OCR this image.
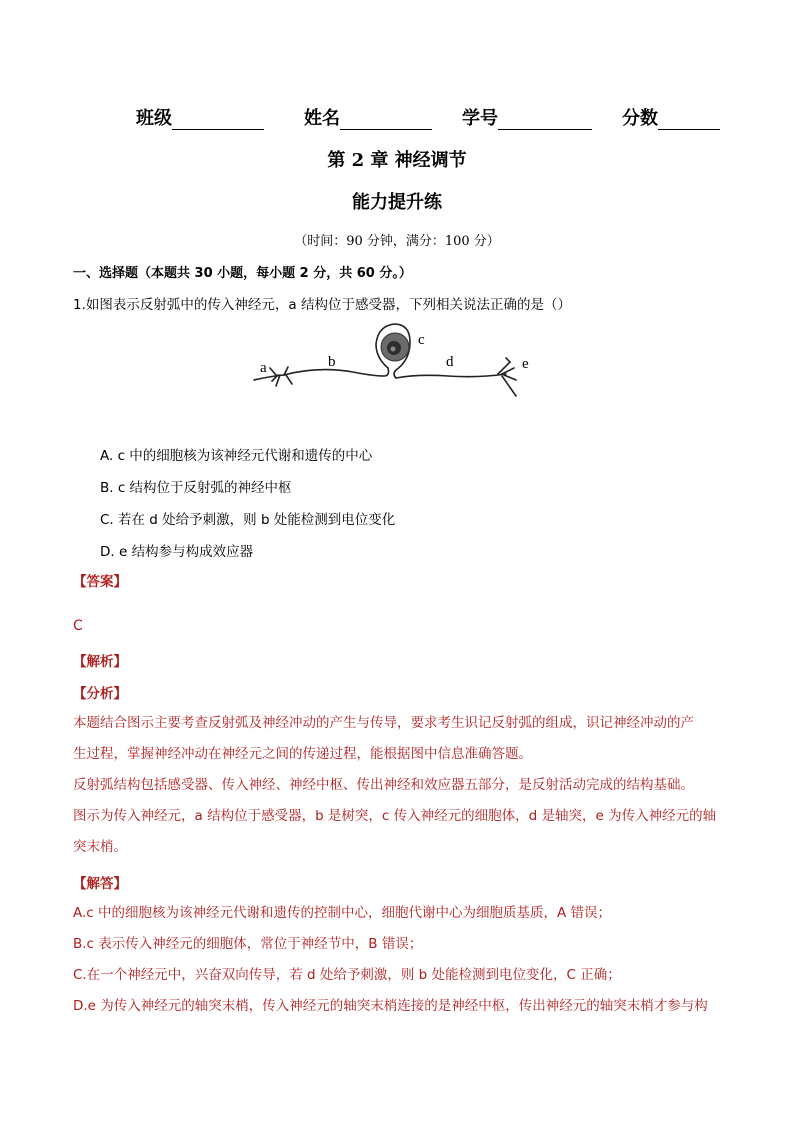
班级	姓名	学号	分数
第 2 章 神经调节
能力提升练
（时间：90 分钟，满分：100 分）
一、选择题（本题共 30 小题，每小题 2 分，共 60 分。）
1.如图表示反射弧中的传入神经元，a 结构位于感受器，下列相关说法正确的是（）
a	b
c
d	e
A. c 中的细胞核为该神经元代谢和遗传的中心
B. c 结构位于反射弧的神经中枢
C. 若在 d 处给予刺激，则 b 处能检测到电位变化
D. e 结构参与构成效应器
【答案】
C
【解析】
【分析】
本题结合图示主要考查反射弧及神经冲动的产生与传导，要求考生识记反射弧的组成，识记神经冲动的产
生过程，掌握神经冲动在神经元之间的传递过程，能根据图中信息准确答题。
反射弧结构包括感受器、传入神经、神经中枢、传出神经和效应器五部分，是反射活动完成的结构基础。
图示为传入神经元，a 结构位于感受器，b 是树突，c 传入神经元的细胞体，d 是轴突，e 为传入神经元的轴
突末梢。
【解答】
A.c 中的细胞核为该神经元代谢和遗传的控制中心，细胞代谢中心为细胞质基质，A 错误；
B.c 表示传入神经元的细胞体，常位于神经节中，B 错误；
C.在一个神经元中，兴奋双向传导，若 d 处给予刺激，则 b 处能检测到电位变化，C 正确；
D.e 为传入神经元的轴突末梢，传入神经元的轴突末梢连接的是神经中枢，传出神经元的轴突末梢才参与构
